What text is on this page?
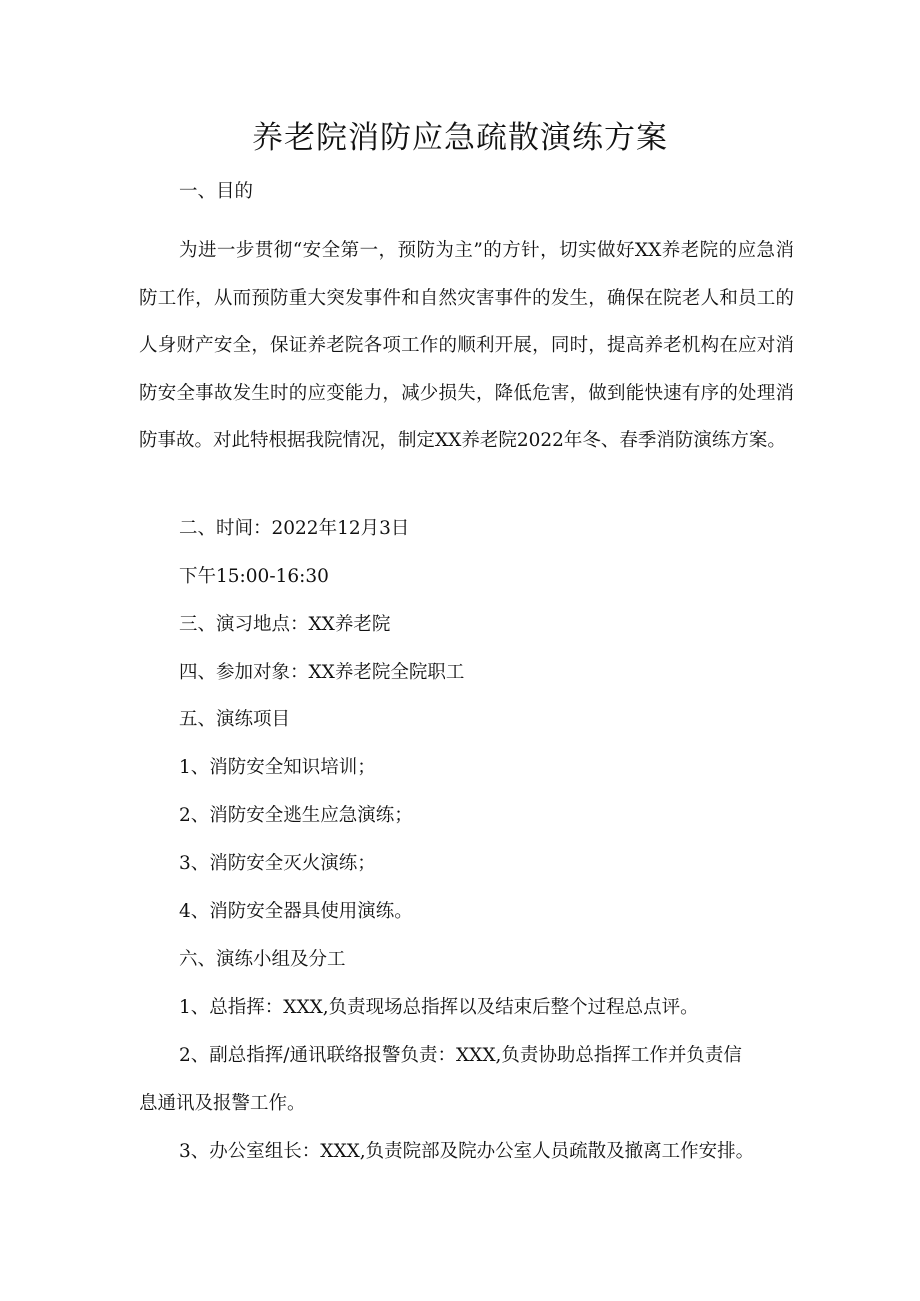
养老院消防应急疏散演练方案

一、目的

为进一步贯彻“安全第一，预防为主”的方针，切实做好XX养老院的应急消防工作，从而预防重大突发事件和自然灾害事件的发生，确保在院老人和员工的人身财产安全，保证养老院各项工作的顺利开展，同时，提高养老机构在应对消防安全事故发生时的应变能力，减少损失，降低危害，做到能快速有序的处理消防事故。对此特根据我院情况，制定XX养老院2022年冬、春季消防演练方案。

二、时间：2022年12月3日

下午15:00-16:30

三、演习地点：XX养老院

四、参加对象：XX养老院全院职工

五、演练项目

1、消防安全知识培训；

2、消防安全逃生应急演练；

3、消防安全灭火演练；

4、消防安全器具使用演练。

六、演练小组及分工

1、总指挥：XXX,负责现场总指挥以及结束后整个过程总点评。

2、副总指挥/通讯联络报警负责：XXX,负责协助总指挥工作并负责信

息通讯及报警工作。

3、办公室组长：XXX,负责院部及院办公室人员疏散及撤离工作安排。
